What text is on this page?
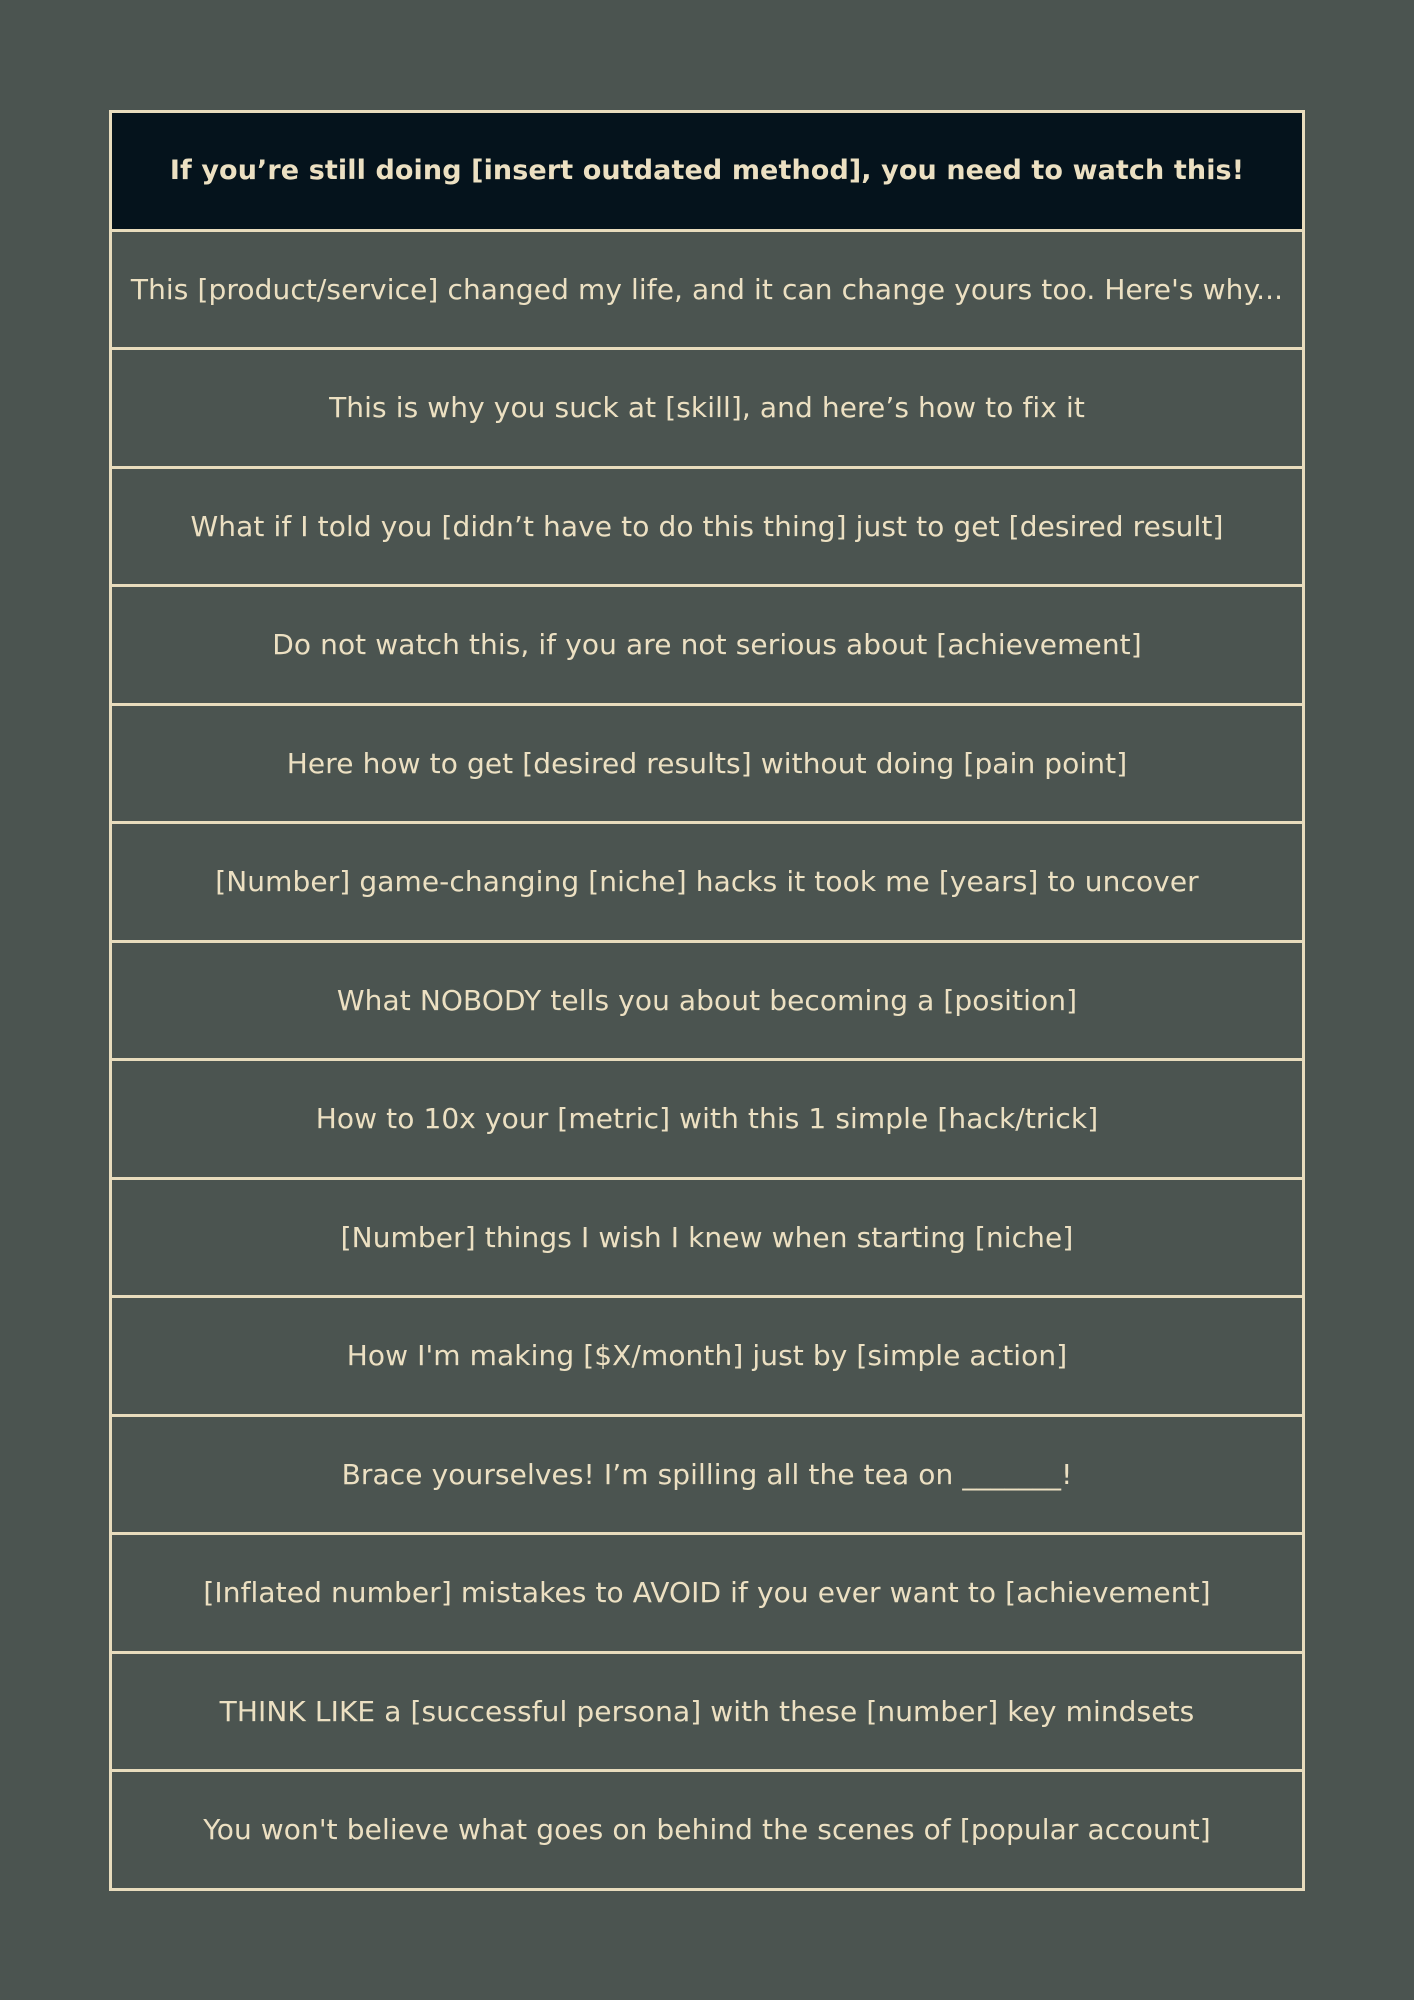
If you’re still doing [insert outdated method], you need to watch this!
This [product/service] changed my life, and it can change yours too. Here's why...
This is why you suck at [skill], and here’s how to fix it
What if I told you [didn’t have to do this thing] just to get [desired result]
Do not watch this, if you are not serious about [achievement]
Here how to get [desired results] without doing [pain point]
[Number] game-changing [niche] hacks it took me [years] to uncover
What NOBODY tells you about becoming a [position]
How to 10x your [metric] with this 1 simple [hack/trick]
[Number] things I wish I knew when starting [niche]
How I'm making [$X/month] just by [simple action]
Brace yourselves! I’m spilling all the tea on _______!
[Inflated number] mistakes to AVOID if you ever want to [achievement]
THINK LIKE a [successful persona] with these [number] key mindsets
You won't believe what goes on behind the scenes of [popular account]
